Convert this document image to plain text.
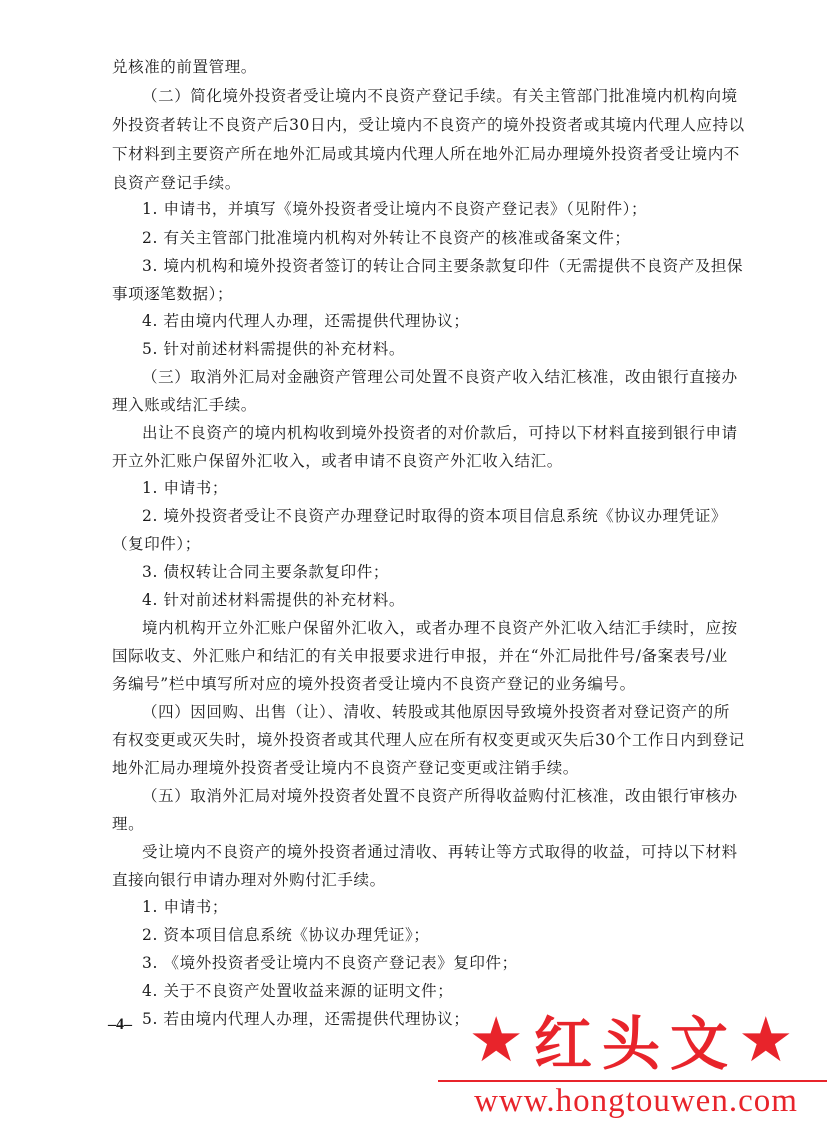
兑核准的前置管理。
（二）简化境外投资者受让境内不良资产登记手续。有关主管部门批准境内机构向境
外投资者转让不良资产后30日内，受让境内不良资产的境外投资者或其境内代理人应持以
下材料到主要资产所在地外汇局或其境内代理人所在地外汇局办理境外投资者受让境内不
良资产登记手续。
1. 申请书，并填写《境外投资者受让境内不良资产登记表》（见附件）；
2. 有关主管部门批准境内机构对外转让不良资产的核准或备案文件；
3. 境内机构和境外投资者签订的转让合同主要条款复印件（无需提供不良资产及担保
事项逐笔数据）；
4. 若由境内代理人办理，还需提供代理协议；
5. 针对前述材料需提供的补充材料。
（三）取消外汇局对金融资产管理公司处置不良资产收入结汇核准，改由银行直接办
理入账或结汇手续。
出让不良资产的境内机构收到境外投资者的对价款后，可持以下材料直接到银行申请
开立外汇账户保留外汇收入，或者申请不良资产外汇收入结汇。
1. 申请书；
2. 境外投资者受让不良资产办理登记时取得的资本项目信息系统《协议办理凭证》
（复印件）；
3. 债权转让合同主要条款复印件；
4. 针对前述材料需提供的补充材料。
境内机构开立外汇账户保留外汇收入，或者办理不良资产外汇收入结汇手续时，应按
国际收支、外汇账户和结汇的有关申报要求进行申报，并在“外汇局批件号/备案表号/业
务编号”栏中填写所对应的境外投资者受让境内不良资产登记的业务编号。
（四）因回购、出售（让）、清收、转股或其他原因导致境外投资者对登记资产的所
有权变更或灭失时，境外投资者或其代理人应在所有权变更或灭失后30个工作日内到登记
地外汇局办理境外投资者受让境内不良资产登记变更或注销手续。
（五）取消外汇局对境外投资者处置不良资产所得收益购付汇核准，改由银行审核办
理。
受让境内不良资产的境外投资者通过清收、再转让等方式取得的收益，可持以下材料
直接向银行申请办理对外购付汇手续。
1. 申请书；
2. 资本项目信息系统《协议办理凭证》；
3. 《境外投资者受让境内不良资产登记表》复印件；
4. 关于不良资产处置收益来源的证明文件；
5. 若由境内代理人办理，还需提供代理协议；
–4–	★ 红头文 ★
www.hongtouwen.com
